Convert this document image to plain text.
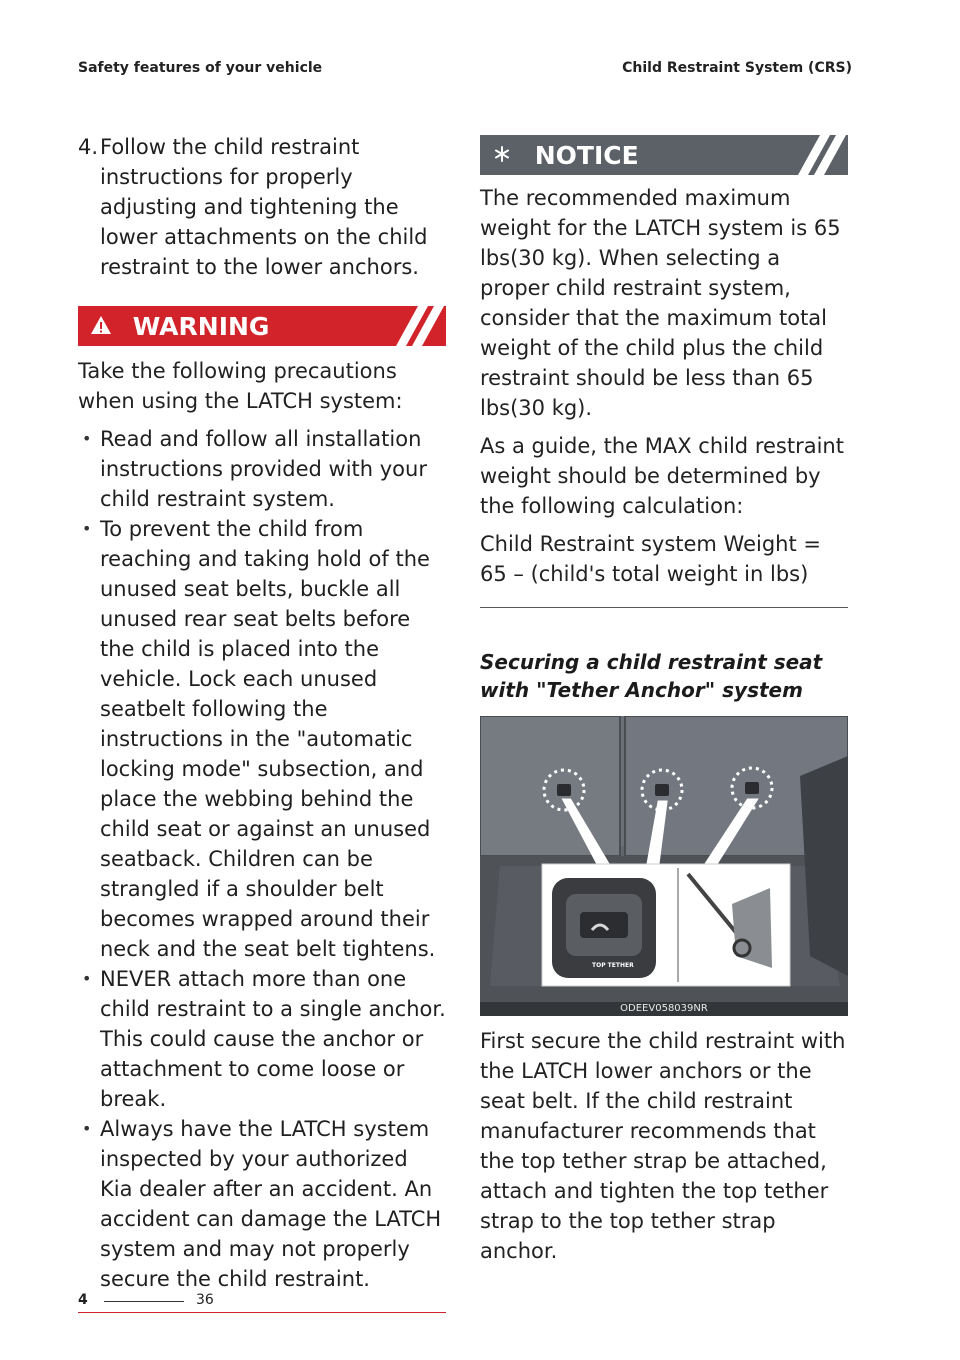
Safety features of your vehicle	Child Restraint System (CRS)

4. Follow the child restraint instructions for properly adjusting and tightening the lower attachments on the child restraint to the lower anchors.

WARNING

Take the following precautions when using the LATCH system:

• Read and follow all installation instructions provided with your child restraint system.
• To prevent the child from reaching and taking hold of the unused seat belts, buckle all unused rear seat belts before the child is placed into the vehicle. Lock each unused seatbelt following the instructions in the "automatic locking mode" subsection, and place the webbing behind the child seat or against an unused seatback. Children can be strangled if a shoulder belt becomes wrapped around their neck and the seat belt tightens.
• NEVER attach more than one child restraint to a single anchor. This could cause the anchor or attachment to come loose or break.
• Always have the LATCH system inspected by your authorized Kia dealer after an accident. An accident can damage the LATCH system and may not properly secure the child restraint.
NOTICE

The recommended maximum weight for the LATCH system is 65 lbs(30 kg). When selecting a proper child restraint system, consider that the maximum total weight of the child plus the child restraint should be less than 65 lbs(30 kg).

As a guide, the MAX child restraint weight should be determined by the following calculation:

Child Restraint system Weight = 65 – (child's total weight in lbs)

Securing a child restraint seat with "Tether Anchor" system
TOP TETHER
ODEEV058039NR

First secure the child restraint with the LATCH lower anchors or the seat belt. If the child restraint manufacturer recommends that the top tether strap be attached, attach and tighten the top tether strap to the top tether strap anchor.

4	36
